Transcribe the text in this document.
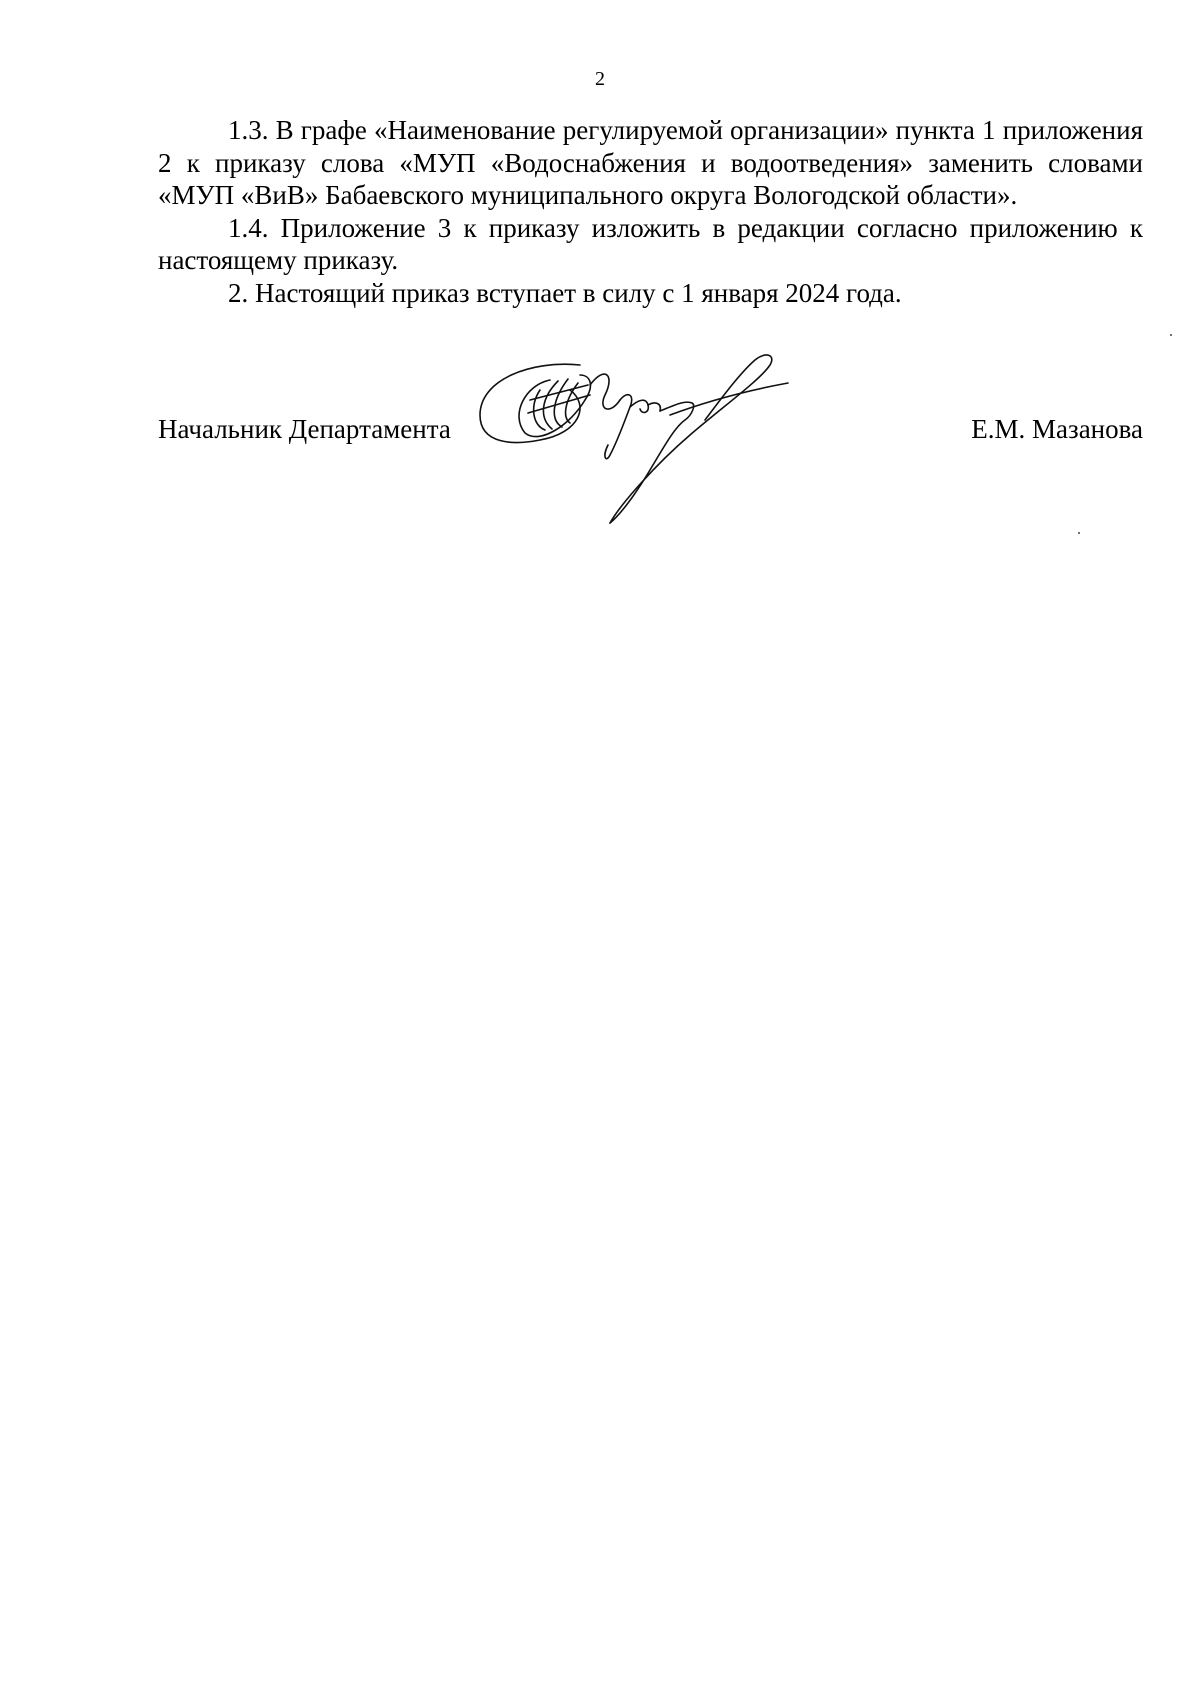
2

1.3. В графе «Наименование регулируемой организации» пункта 1 приложения 2 к приказу слова «МУП «Водоснабжения и водоотведения» заменить словами «МУП «ВиВ» Бабаевского муниципального округа Вологодской области».

1.4. Приложение 3 к приказу изложить в редакции согласно приложению к настоящему приказу.

2. Настоящий приказ вступает в силу с 1 января 2024 года.

Начальник Департамента	Е.М. Мазанова
